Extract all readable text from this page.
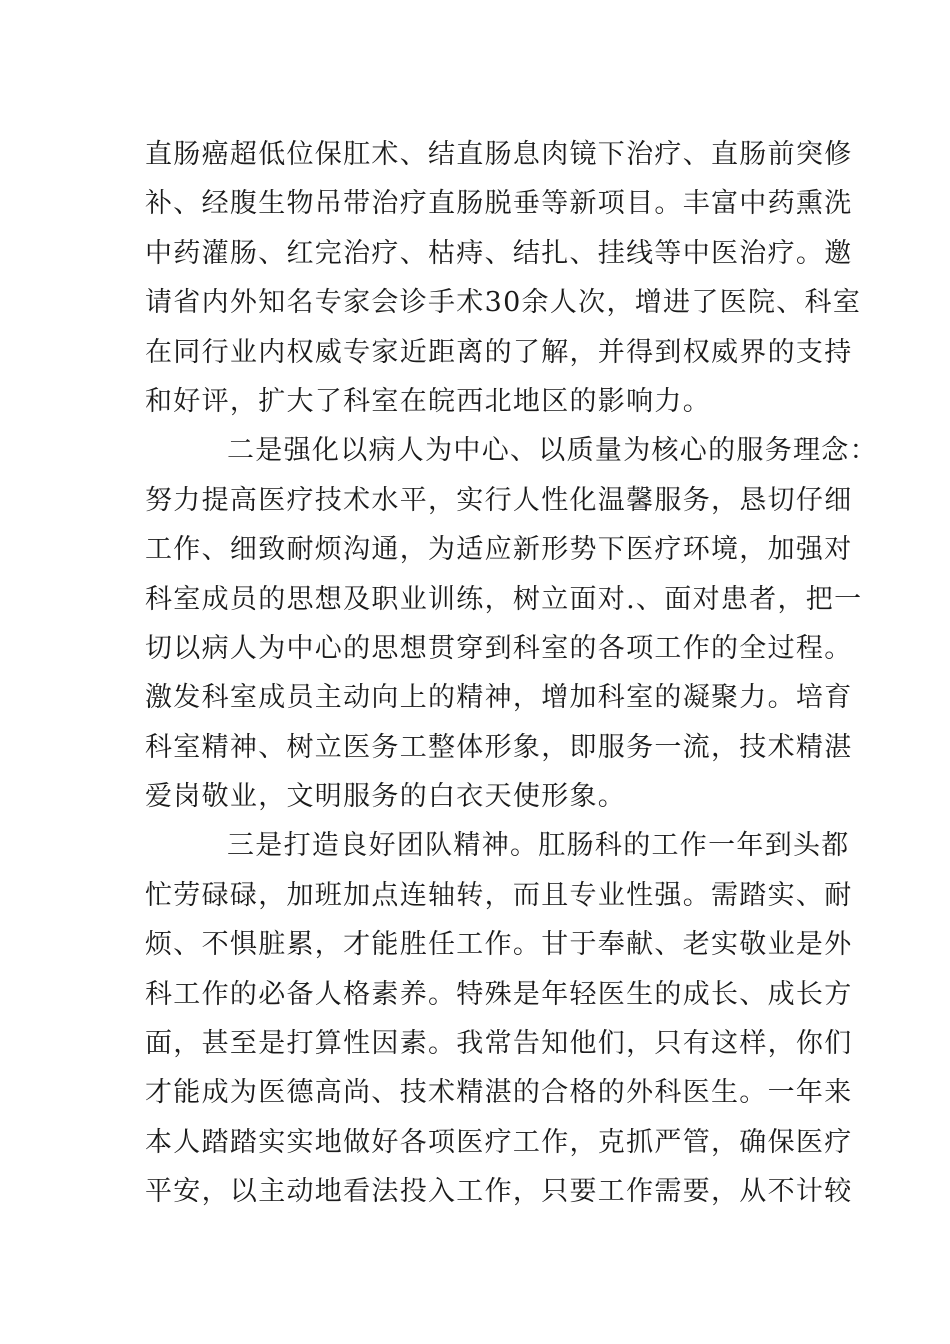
直肠癌超低位保肛术、结直肠息肉镜下治疗、直肠前突修
补、经腹生物吊带治疗直肠脱垂等新项目。丰富中药熏洗
中药灌肠、红完治疗、枯痔、结扎、挂线等中医治疗。邀
请省内外知名专家会诊手术30余人次，增进了医院、科室
在同行业内权威专家近距离的了解，并得到权威界的支持
和好评，扩大了科室在皖西北地区的影响力。
二是强化以病人为中心、以质量为核心的服务理念：
努力提高医疗技术水平，实行人性化温馨服务，恳切仔细
工作、细致耐烦沟通，为适应新形势下医疗环境，加强对
科室成员的思想及职业训练，树立面对.、面对患者，把一
切以病人为中心的思想贯穿到科室的各项工作的全过程。
激发科室成员主动向上的精神，增加科室的凝聚力。培育
科室精神、树立医务工整体形象，即服务一流，技术精湛
爱岗敬业，文明服务的白衣天使形象。
三是打造良好团队精神。肛肠科的工作一年到头都
忙劳碌碌，加班加点连轴转，而且专业性强。需踏实、耐
烦、不惧脏累，才能胜任工作。甘于奉献、老实敬业是外
科工作的必备人格素养。特殊是年轻医生的成长、成长方
面，甚至是打算性因素。我常告知他们，只有这样，你们
才能成为医德高尚、技术精湛的合格的外科医生。一年来
本人踏踏实实地做好各项医疗工作，克抓严管，确保医疗
平安，以主动地看法投入工作，只要工作需要，从不计较
